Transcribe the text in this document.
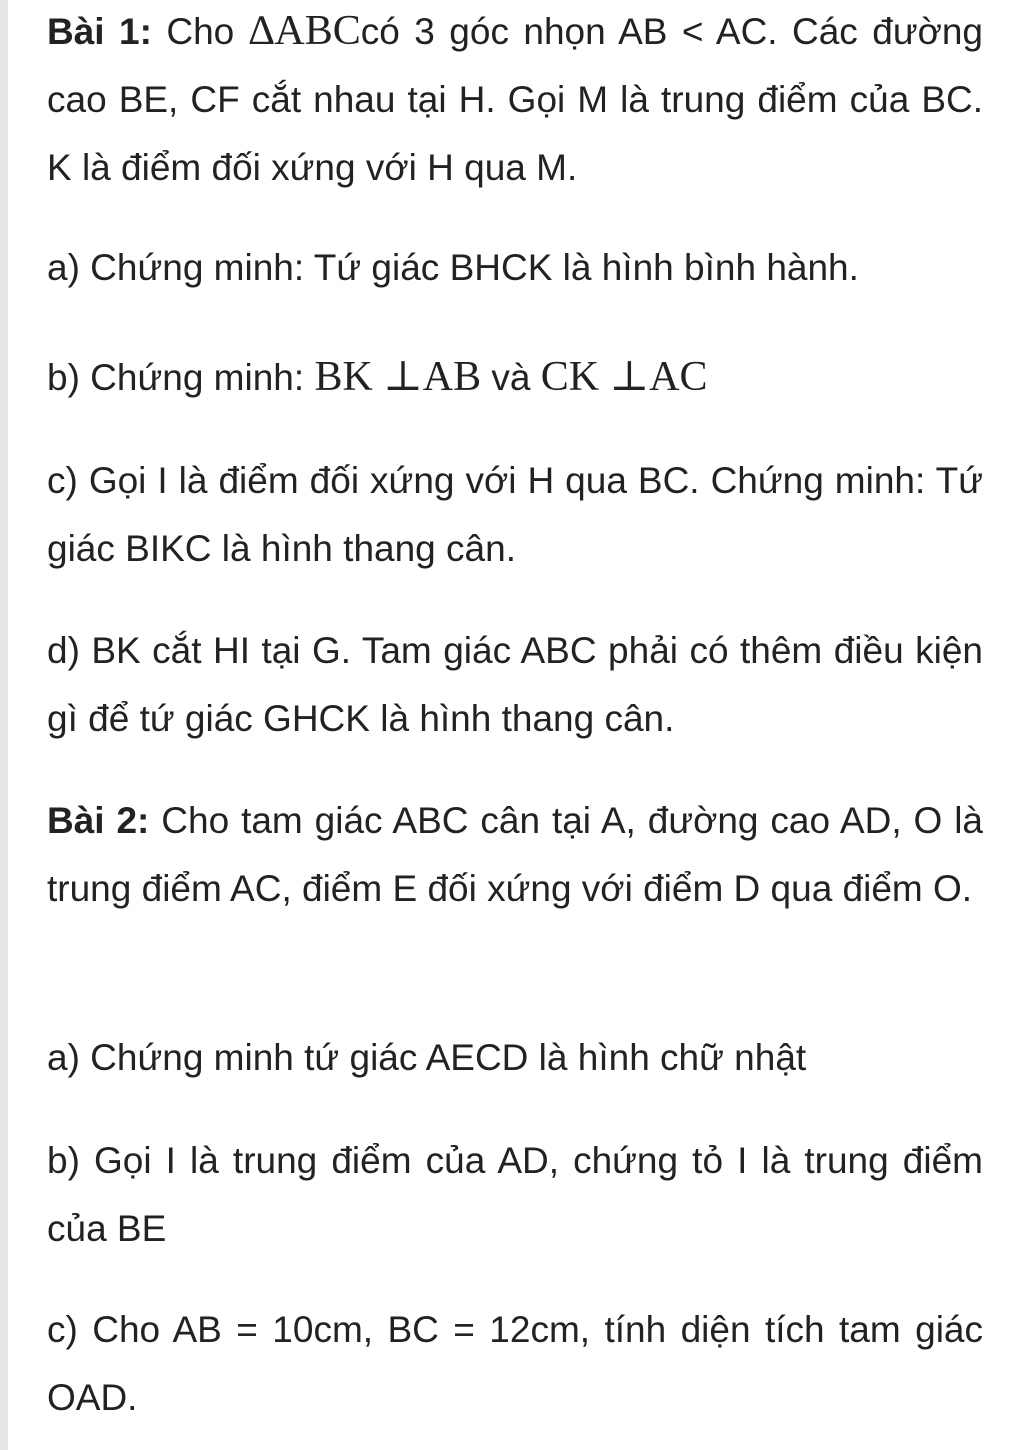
Bài 1: Cho ∆ABCcó 3 góc nhọn AB < AC. Các đường cao BE, CF cắt nhau tại H. Gọi M là trung điểm của BC. K là điểm đối xứng với H qua M.

a) Chứng minh: Tứ giác BHCK là hình bình hành.

b) Chứng minh: BK ⊥AB và CK ⊥AC

c) Gọi I là điểm đối xứng với H qua BC. Chứng minh: Tứ giác BIKC là hình thang cân.

d) BK cắt HI tại G. Tam giác ABC phải có thêm điều kiện gì để tứ giác GHCK là hình thang cân.

Bài 2: Cho tam giác ABC cân tại A, đường cao AD, O là trung điểm AC, điểm E đối xứng với điểm D qua điểm O.

a) Chứng minh tứ giác AECD là hình chữ nhật

b) Gọi I là trung điểm của AD, chứng tỏ I là trung điểm của BE

c) Cho AB = 10cm, BC = 12cm, tính diện tích tam giác OAD.
